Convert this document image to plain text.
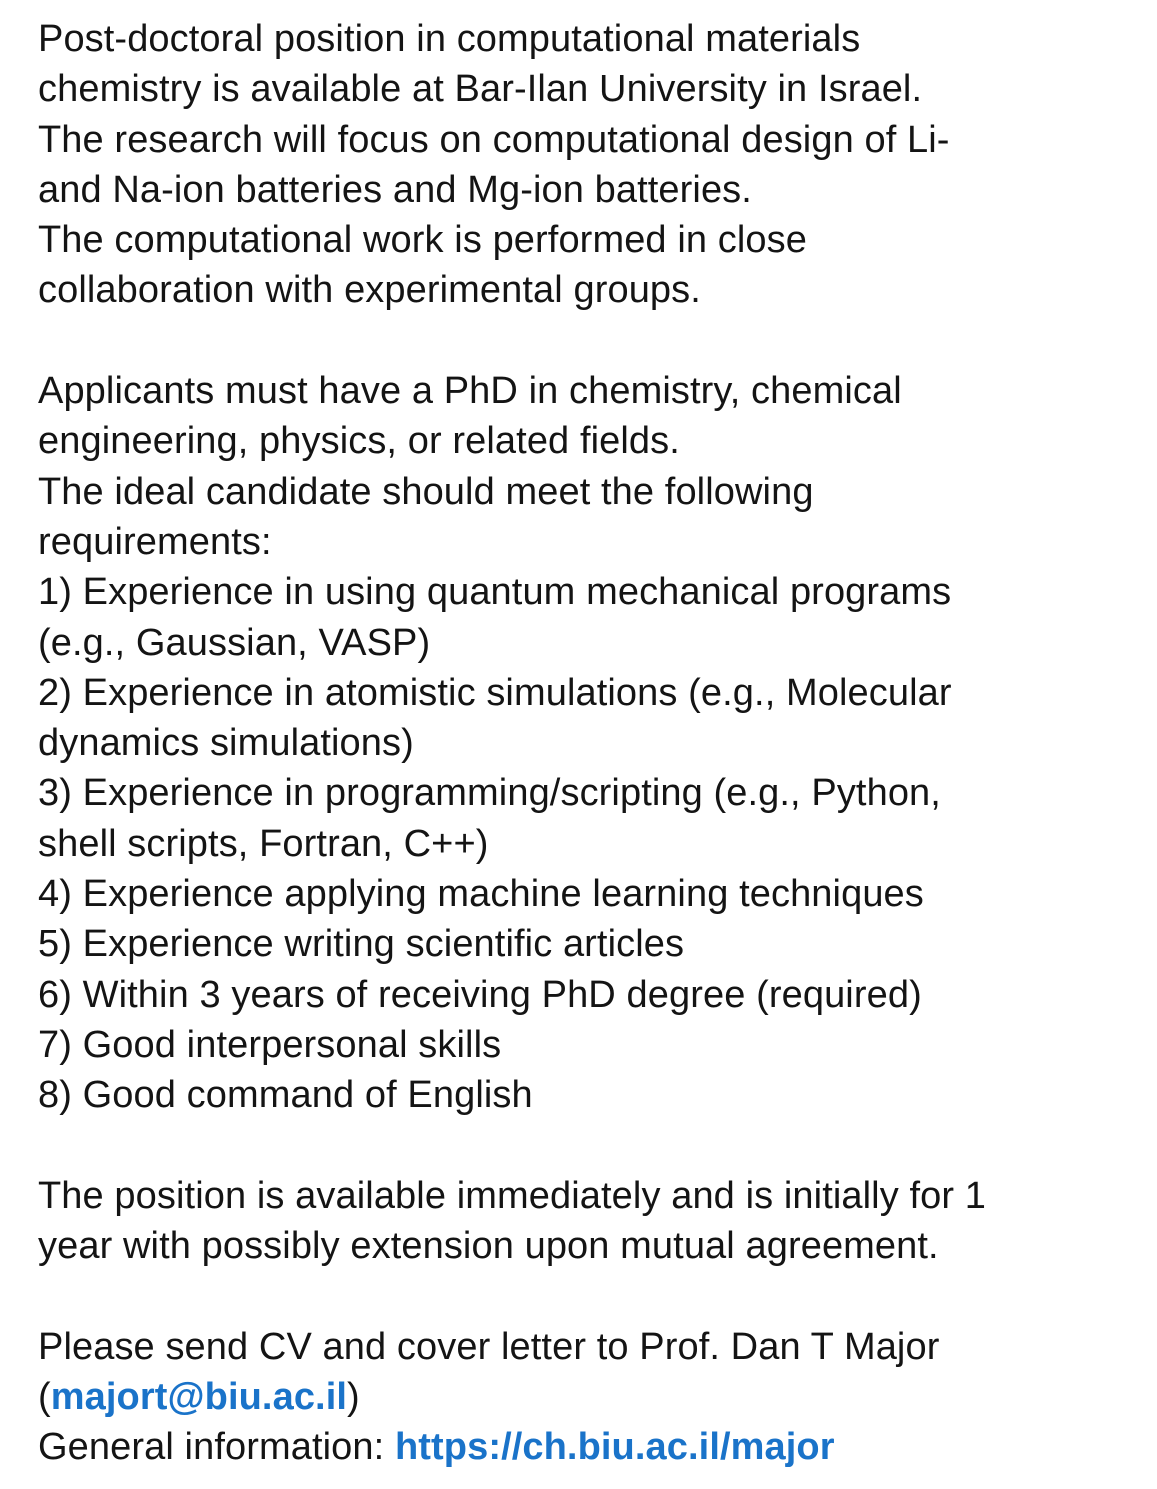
Post-doctoral position in computational materials
chemistry is available at Bar-Ilan University in Israel.
The research will focus on computational design of Li-
and Na-ion batteries and Mg-ion batteries.
The computational work is performed in close
collaboration with experimental groups.
Applicants must have a PhD in chemistry, chemical
engineering, physics, or related fields.
The ideal candidate should meet the following
requirements:
1) Experience in using quantum mechanical programs
(e.g., Gaussian, VASP)
2) Experience in atomistic simulations (e.g., Molecular
dynamics simulations)
3) Experience in programming/scripting (e.g., Python,
shell scripts, Fortran, C++)
4) Experience applying machine learning techniques
5) Experience writing scientific articles
6) Within 3 years of receiving PhD degree (required)
7) Good interpersonal skills
8) Good command of English
The position is available immediately and is initially for 1
year with possibly extension upon mutual agreement.
Please send CV and cover letter to Prof. Dan T Major
(majort@biu.ac.il)
General information: https://ch.biu.ac.il/major
